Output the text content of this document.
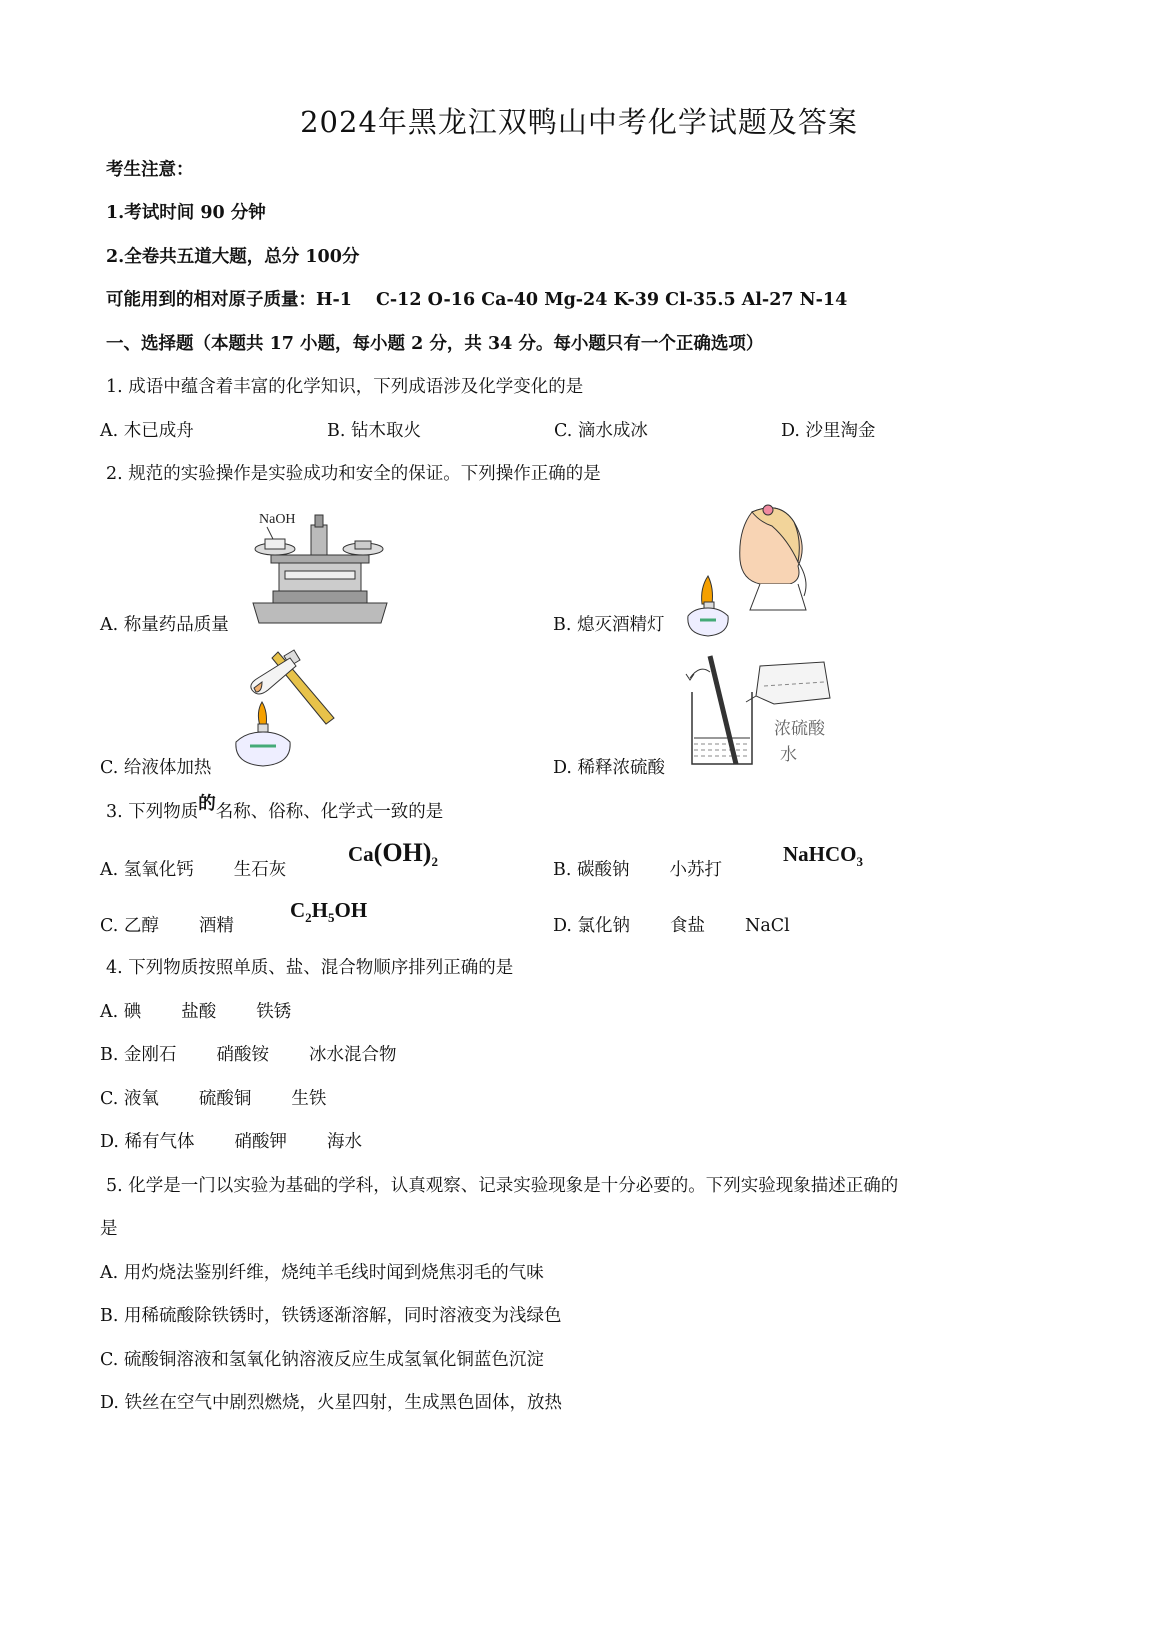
2024年黑龙江双鸭山中考化学试题及答案
考生注意：
1.考试时间 90 分钟
2.全卷共五道大题，总分 100分
可能用到的相对原子质量：H-1 C-12 O-16 Ca-40 Mg-24 K-39 Cl-35.5 Al-27 N-14
一、选择题（本题共 17 小题，每小题 2 分，共 34 分。每小题只有一个正确选项）
1. 成语中蕴含着丰富的化学知识，下列成语涉及化学变化的是
A. 木已成舟	B. 钻木取火	C. 滴水成冰	D. 沙里淘金
2. 规范的实验操作是实验成功和安全的保证。下列操作正确的是
NaOH
A. 称量药品质量	B. 熄灭酒精灯
C. 给液体加热
浓硫酸
水
D. 稀释浓硫酸
3. 下列物质的名称、俗称、化学式一致的是
A. 氢氧化钙 生石灰
$Ca(OH)_2$	B. 碳酸钠 小苏打
NaHCO$_3$
C. 乙醇 酒精
$C_2H_5OH$
D. 氯化钠 食盐 NaCl
4. 下列物质按照单质、盐、混合物顺序排列正确的是
A. 碘 盐酸 铁锈
B. 金刚石 硝酸铵 冰水混合物
C. 液氧 硫酸铜 生铁
D. 稀有气体 硝酸钾 海水
5. 化学是一门以实验为基础的学科，认真观察、记录实验现象是十分必要的。下列实验现象描述正确的
是
A. 用灼烧法鉴别纤维，烧纯羊毛线时闻到烧焦羽毛的气味
B. 用稀硫酸除铁锈时，铁锈逐渐溶解，同时溶液变为浅绿色
C. 硫酸铜溶液和氢氧化钠溶液反应生成氢氧化铜蓝色沉淀
D. 铁丝在空气中剧烈燃烧，火星四射，生成黑色固体，放热
